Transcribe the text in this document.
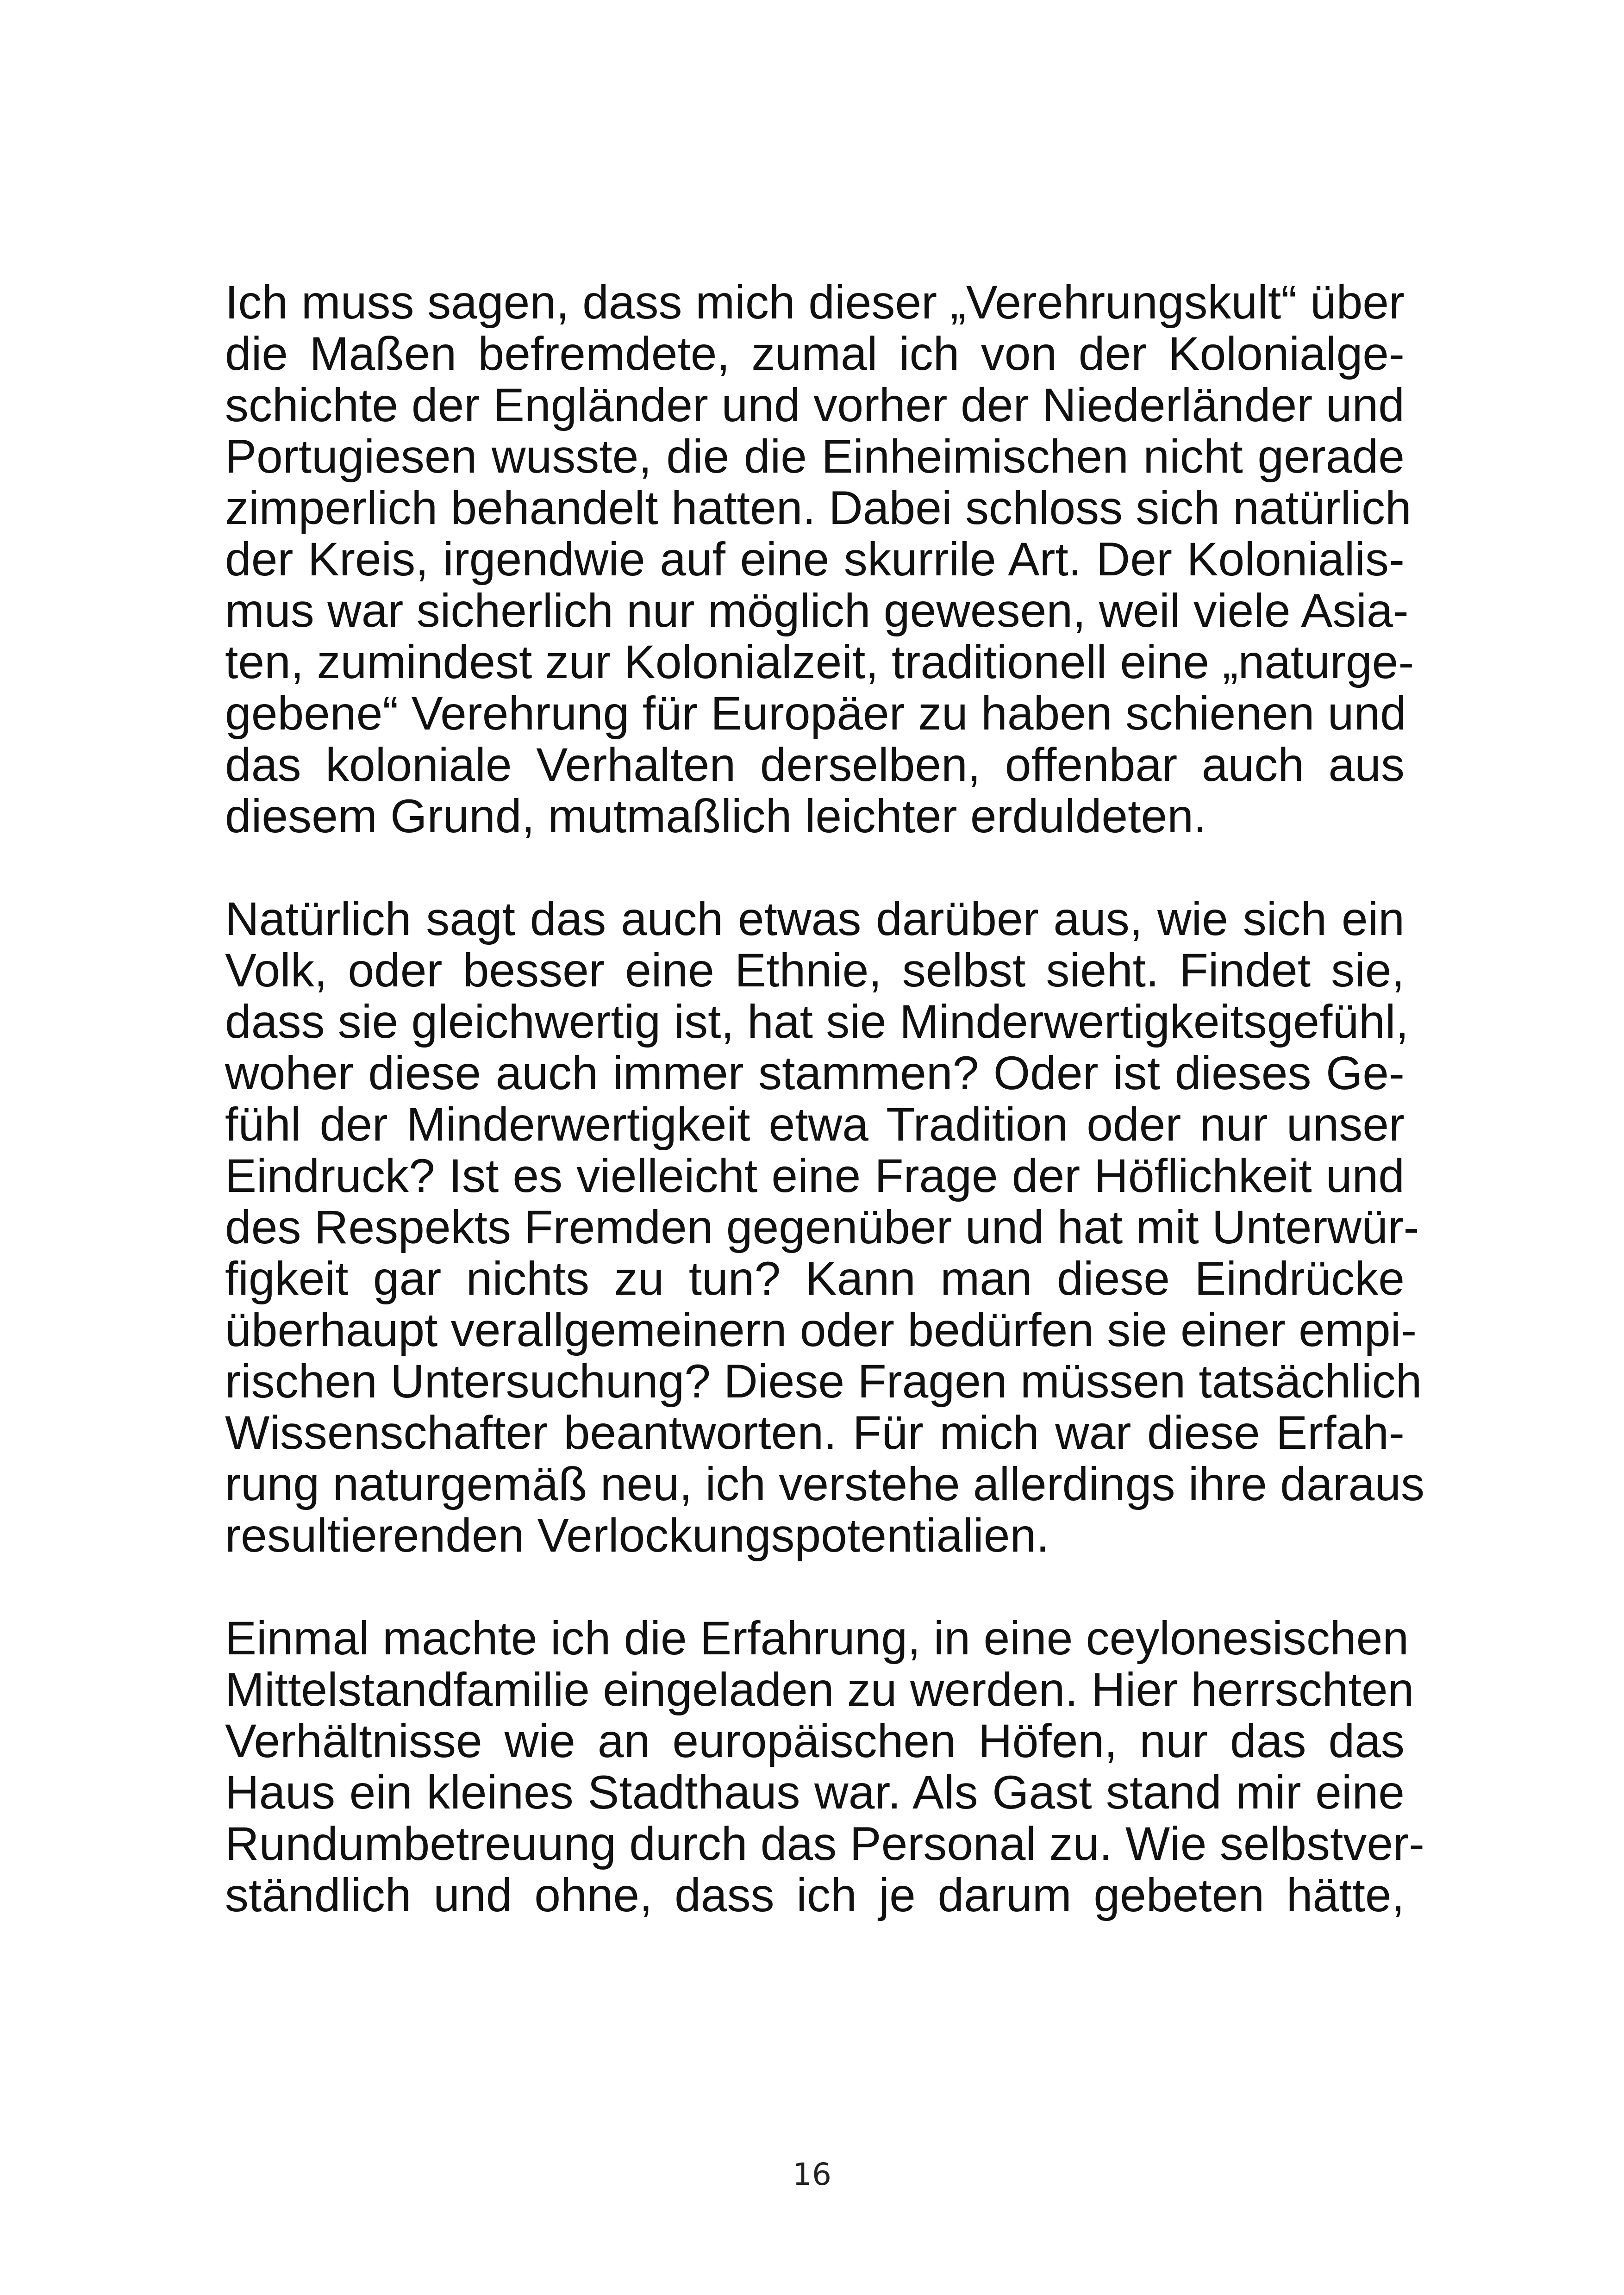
Ich muss sagen, dass mich dieser „Verehrungskult“ über
die Maßen befremdete, zumal ich von der Kolonialge-
schichte der Engländer und vorher der Niederländer und
Portugiesen wusste, die die Einheimischen nicht gerade
zimperlich behandelt hatten. Dabei schloss sich natürlich
der Kreis, irgendwie auf eine skurrile Art. Der Kolonialis-
mus war sicherlich nur möglich gewesen, weil viele Asia-
ten, zumindest zur Kolonialzeit, traditionell eine „naturge-
gebene“ Verehrung für Europäer zu haben schienen und
das koloniale Verhalten derselben, offenbar auch aus
diesem Grund, mutmaßlich leichter erduldeten.

Natürlich sagt das auch etwas darüber aus, wie sich ein
Volk, oder besser eine Ethnie, selbst sieht. Findet sie,
dass sie gleichwertig ist, hat sie Minderwertigkeitsgefühl,
woher diese auch immer stammen? Oder ist dieses Ge-
fühl der Minderwertigkeit etwa Tradition oder nur unser
Eindruck? Ist es vielleicht eine Frage der Höflichkeit und
des Respekts Fremden gegenüber und hat mit Unterwür-
figkeit gar nichts zu tun? Kann man diese Eindrücke
überhaupt verallgemeinern oder bedürfen sie einer empi-
rischen Untersuchung? Diese Fragen müssen tatsächlich
Wissenschafter beantworten. Für mich war diese Erfah-
rung naturgemäß neu, ich verstehe allerdings ihre daraus
resultierenden Verlockungspotentialien.

Einmal machte ich die Erfahrung, in eine ceylonesischen
Mittelstandfamilie eingeladen zu werden. Hier herrschten
Verhältnisse wie an europäischen Höfen, nur das das
Haus ein kleines Stadthaus war. Als Gast stand mir eine
Rundumbetreuung durch das Personal zu. Wie selbstver-
ständlich und ohne, dass ich je darum gebeten hätte,

16
